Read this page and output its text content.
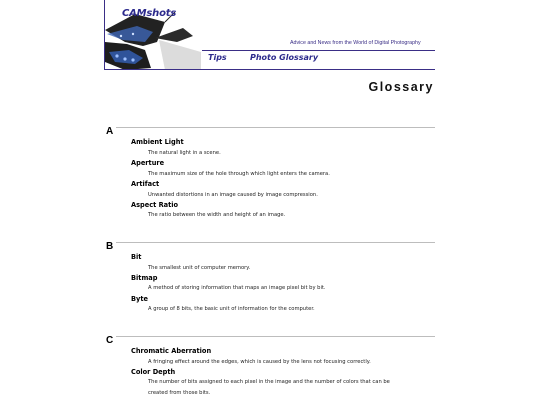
CAMshots
Advice and News from the World of Digital Photography
Tips	Photo Glossary
Glossary
A
Ambient Light
The natural light in a scene.
Aperture
The maximum size of the hole through which light enters the camera.
Artifact
Unwanted distortions in an image caused by image compression.
Aspect Ratio
The ratio between the width and height of an image.
B
Bit
The smallest unit of computer memory.
Bitmap
A method of storing information that maps an image pixel bit by bit.
Byte
A group of 8 bits, the basic unit of information for the computer.
C
Chromatic Aberration
A fringing effect around the edges, which is caused by the lens not focusing correctly.
Color Depth
The number of bits assigned to each pixel in the image and the number of colors that can be
created from those bits.
